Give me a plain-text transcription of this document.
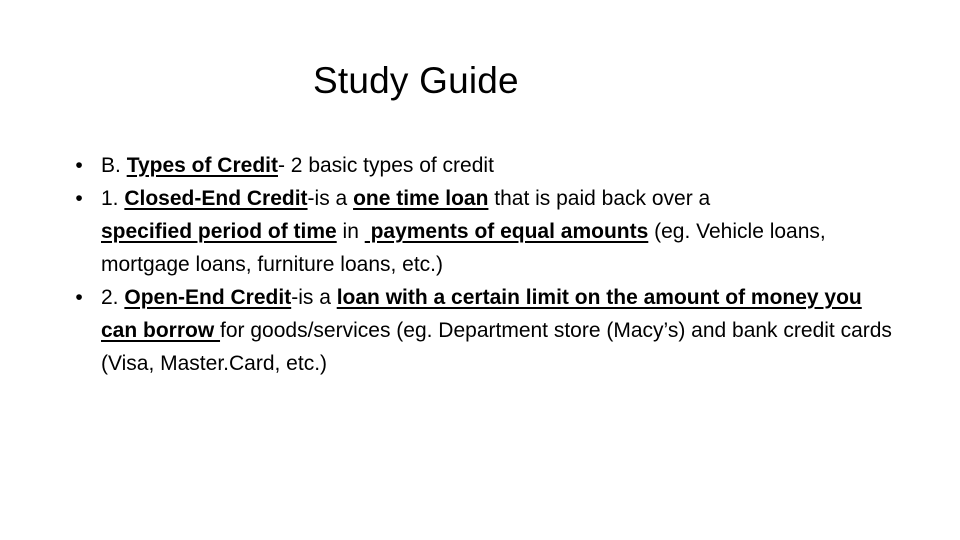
Study Guide
• B. Types of Credit- 2 basic types of credit
• 1. Closed-End Credit-is a one time loan that is paid back over a specified period of time in  payments of equal amounts (eg. Vehicle loans, mortgage loans, furniture loans, etc.)
• 2. Open-End Credit-is a loan with a certain limit on the amount of money you can borrow for goods/services (eg. Department store (Macy’s) and bank credit cards (Visa, Master.Card, etc.)
